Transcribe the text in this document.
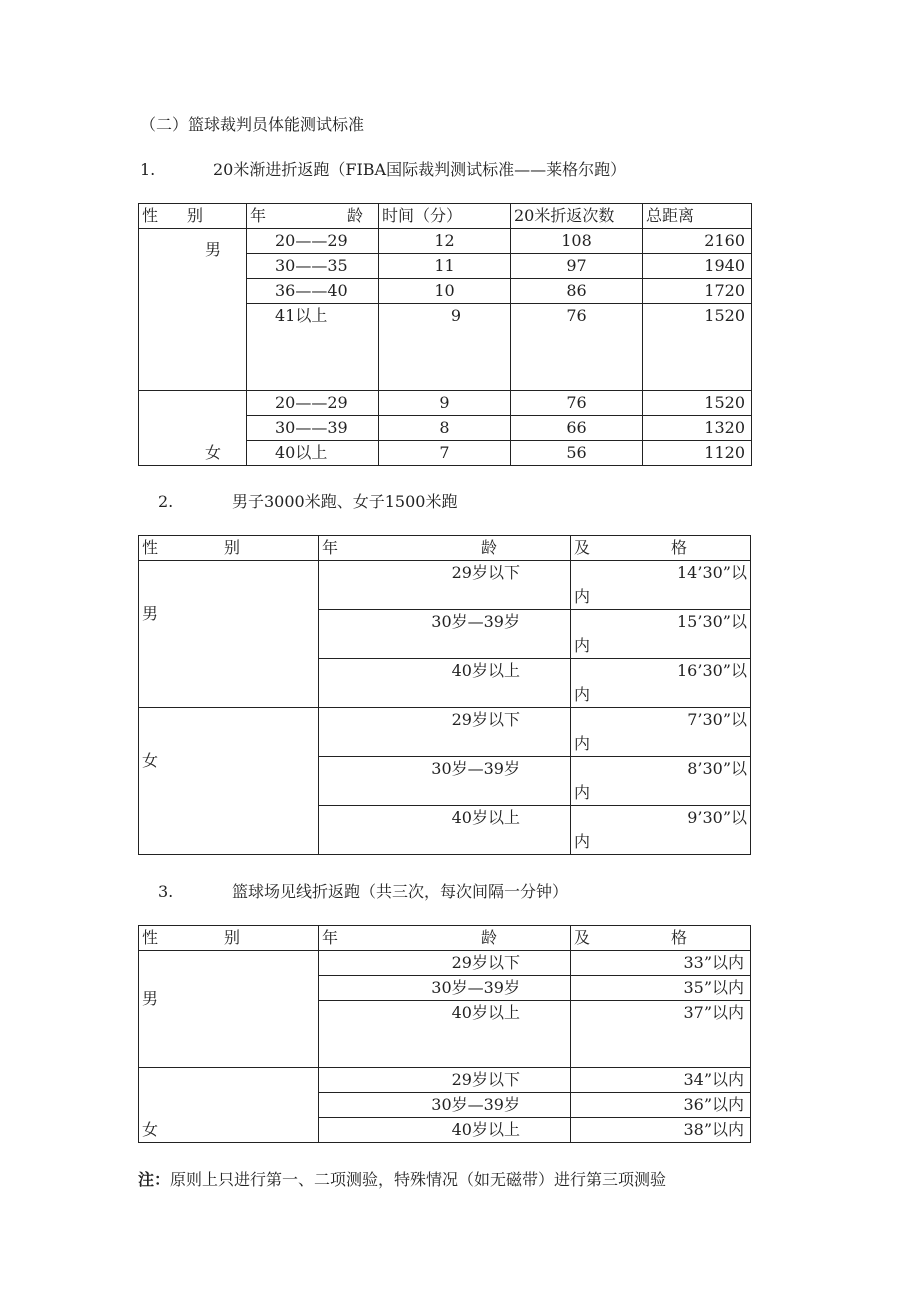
（二）篮球裁判员体能测试标准
1.	20米渐进折返跑（FIBA国际裁判测试标准——莱格尔跑）
性 别	年 龄	时间（分）	20米折返次数	总距离
男	20——29	12	108	2160
	30——35	11	97	1940
	36——40	10	86	1720
	41以上	9	76	1520
女	20——29	9	76	1520
	30——39	8	66	1320
	40以上	7	56	1120
2.	男子3000米跑、女子1500米跑
性 别	年 龄	及 格

男	29岁以下	14’30”以
内

	30岁—39岁	15’30”以
内

	40岁以上	16’30”以
内

女	29岁以下	7’30”以
内

	30岁—39岁	8’30”以
内

	40岁以上	9’30”以
内
3.	篮球场见线折返跑（共三次，每次间隔一分钟）
性 别	年 龄	及 格

男	29岁以下	33”以内
	30岁—39岁	35”以内
	40岁以上	37”以内
女	29岁以下	34”以内
	30岁—39岁	36”以内
	40岁以上	38”以内
注：原则上只进行第一、二项测验，特殊情况（如无磁带）进行第三项测验
